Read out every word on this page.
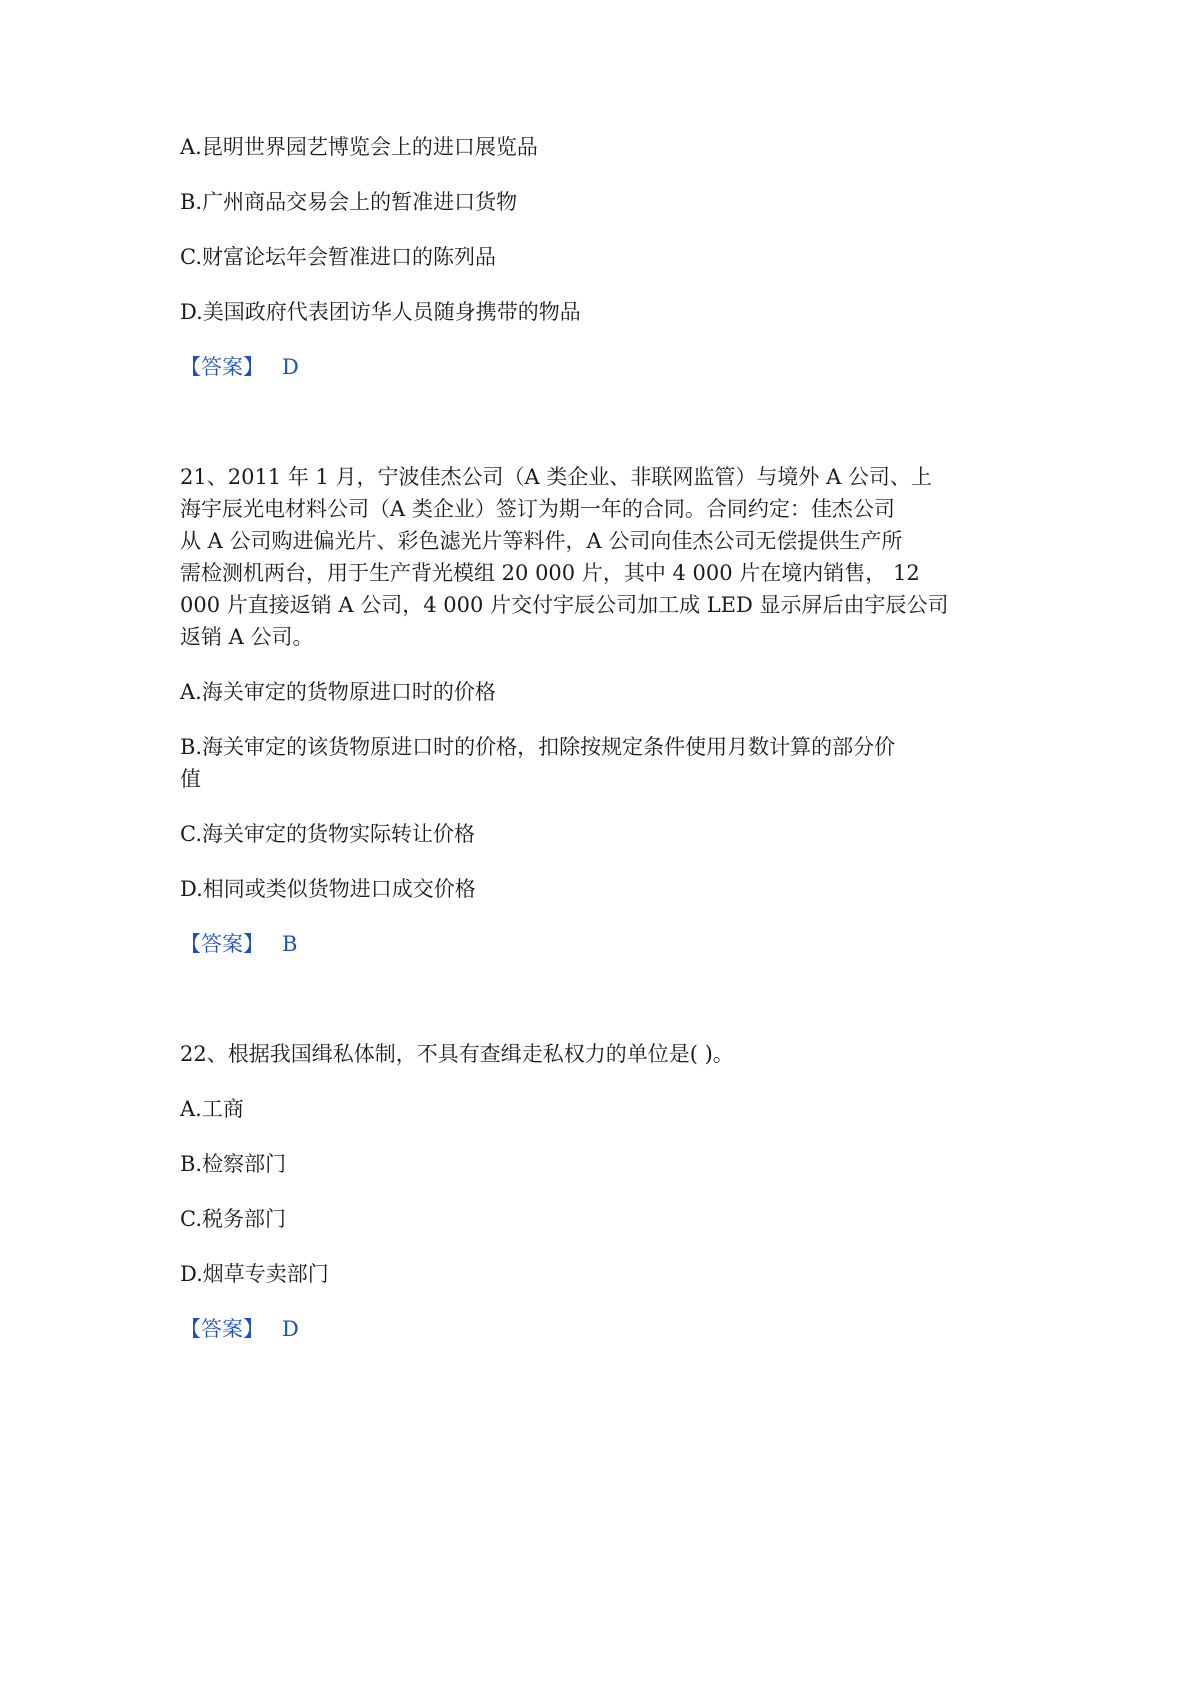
A.昆明世界园艺博览会上的进口展览品

B.广州商品交易会上的暂准进口货物

C.财富论坛年会暂准进口的陈列品

D.美国政府代表团访华人员随身携带的物品

【答案】 D

21、2011 年 1 月，宁波佳杰公司（A 类企业、非联网监管）与境外 A 公司、上

海宇辰光电材料公司（A 类企业）签订为期一年的合同。合同约定：佳杰公司

从 A 公司购进偏光片、彩色滤光片等料件，A 公司向佳杰公司无偿提供生产所

需检测机两台，用于生产背光模组 20 000 片，其中 4 000 片在境内销售， 12

000 片直接返销 A 公司，4 000 片交付宇辰公司加工成 LED 显示屏后由宇辰公司

返销 A 公司。

A.海关审定的货物原进口时的价格

B.海关审定的该货物原进口时的价格，扣除按规定条件使用月数计算的部分价

值

C.海关审定的货物实际转让价格

D.相同或类似货物进口成交价格

【答案】 B

22、根据我国缉私体制，不具有查缉走私权力的单位是( )。

A.工商

B.检察部门

C.税务部门

D.烟草专卖部门

【答案】 D
